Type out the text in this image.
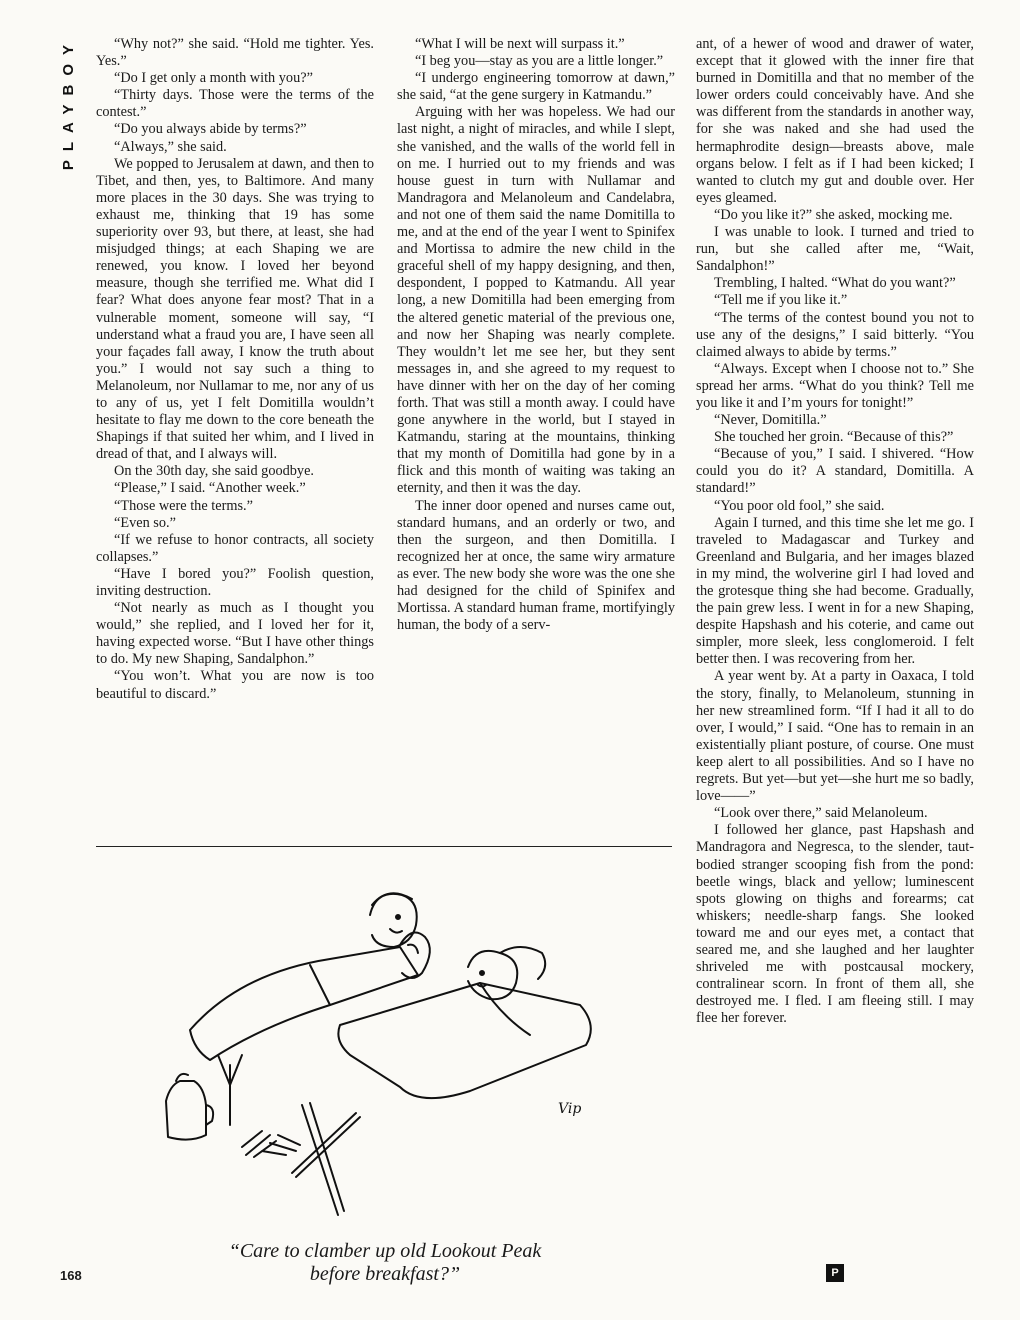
PLAYBOY	“Why not?” she said. “Hold me tighter. Yes. Yes.”

“Do I get only a month with you?”

“Thirty days. Those were the terms of the contest.”

“Do you always abide by terms?”

“Always,” she said.

We popped to Jerusalem at dawn, and then to Tibet, and then, yes, to Baltimore. And many more places in the 30 days. She was trying to exhaust me, thinking that 19 has some superiority over 93, but there, at least, she had misjudged things; at each Shaping we are renewed, you know. I loved her beyond measure, though she terrified me. What did I fear? What does anyone fear most? That in a vulnerable moment, someone will say, “I understand what a fraud you are, I have seen all your façades fall away, I know the truth about you.” I would not say such a thing to Melanoleum, nor Nullamar to me, nor any of us to any of us, yet I felt Domitilla wouldn’t hesitate to flay me down to the core beneath the Shapings if that suited her whim, and I lived in dread of that, and I always will.

On the 30th day, she said goodbye.

“Please,” I said. “Another week.”

“Those were the terms.”

“Even so.”

“If we refuse to honor contracts, all society collapses.”

“Have I bored you?” Foolish question, inviting destruction.

“Not nearly as much as I thought you would,” she replied, and I loved her for it, having expected worse. “But I have other things to do. My new Shaping, Sandalphon.”

“You won’t. What you are now is too beautiful to discard.”

“What I will be next will surpass it.”

“I beg you—stay as you are a little longer.”

“I undergo engineering tomorrow at dawn,” she said, “at the gene surgery in Katmandu.”

Arguing with her was hopeless. We had our last night, a night of miracles, and while I slept, she vanished, and the walls of the world fell in on me. I hurried out to my friends and was house guest in turn with Nullamar and Mandragora and Melanoleum and Candelabra, and not one of them said the name Domitilla to me, and at the end of the year I went to Spinifex and Mortissa to admire the new child in the graceful shell of my happy designing, and then, despondent, I popped to Katmandu. All year long, a new Domitilla had been emerging from the altered genetic material of the previous one, and now her Shaping was nearly complete. They wouldn’t let me see her, but they sent messages in, and she agreed to my request to have dinner with her on the day of her coming forth. That was still a month away. I could have gone anywhere in the world, but I stayed in Katmandu, staring at the mountains, thinking that my month of Domitilla had gone by in a flick and this month of waiting was taking an eternity, and then it was the day.

The inner door opened and nurses came out, standard humans, and an orderly or two, and then the surgeon, and then Domitilla. I recognized her at once, the same wiry armature as ever. The new body she wore was the one she had designed for the child of Spinifex and Mortissa. A standard human frame, mortifyingly human, the body of a serv-

ant, of a hewer of wood and drawer of water, except that it glowed with the inner fire that burned in Domitilla and that no member of the lower orders could conceivably have. And she was different from the standards in another way, for she was naked and she had used the hermaphrodite design—breasts above, male organs below. I felt as if I had been kicked; I wanted to clutch my gut and double over. Her eyes gleamed.

“Do you like it?” she asked, mocking me.

I was unable to look. I turned and tried to run, but she called after me, “Wait, Sandalphon!”

Trembling, I halted. “What do you want?”

“Tell me if you like it.”

“The terms of the contest bound you not to use any of the designs,” I said bitterly. “You claimed always to abide by terms.”

“Always. Except when I choose not to.” She spread her arms. “What do you think? Tell me you like it and I’m yours for tonight!”

“Never, Domitilla.”

She touched her groin. “Because of this?”

“Because of you,” I said. I shivered. “How could you do it? A standard, Domitilla. A standard!”

“You poor old fool,” she said.

Again I turned, and this time she let me go. I traveled to Madagascar and Turkey and Greenland and Bulgaria, and her images blazed in my mind, the wolverine girl I had loved and the grotesque thing she had become. Gradually, the pain grew less. I went in for a new Shaping, despite Hapshash and his coterie, and came out simpler, more sleek, less conglomeroid. I felt better then. I was recovering from her.

A year went by. At a party in Oaxaca, I told the story, finally, to Melanoleum, stunning in her new streamlined form. “If I had it all to do over, I would,” I said. “One has to remain in an existentially pliant posture, of course. One must keep alert to all possibilities. And so I have no regrets. But yet—but yet—she hurt me so badly, love——”

“Look over there,” said Melanoleum.

I followed her glance, past Hapshash and Mandragora and Negresca, to the slender, taut-bodied stranger scooping fish from the pond: beetle wings, black and yellow; luminescent spots glowing on thighs and forearms; cat whiskers; needle-sharp fangs. She looked toward me and our eyes met, a contact that seared me, and she laughed and her laughter shriveled me with postcausal mockery, contralinear scorn. In front of them all, she destroyed me. I fled. I am fleeing still. I may flee her forever.

Vip
“Care to clamber up old Lookout Peak
before breakfast?”
168	P
